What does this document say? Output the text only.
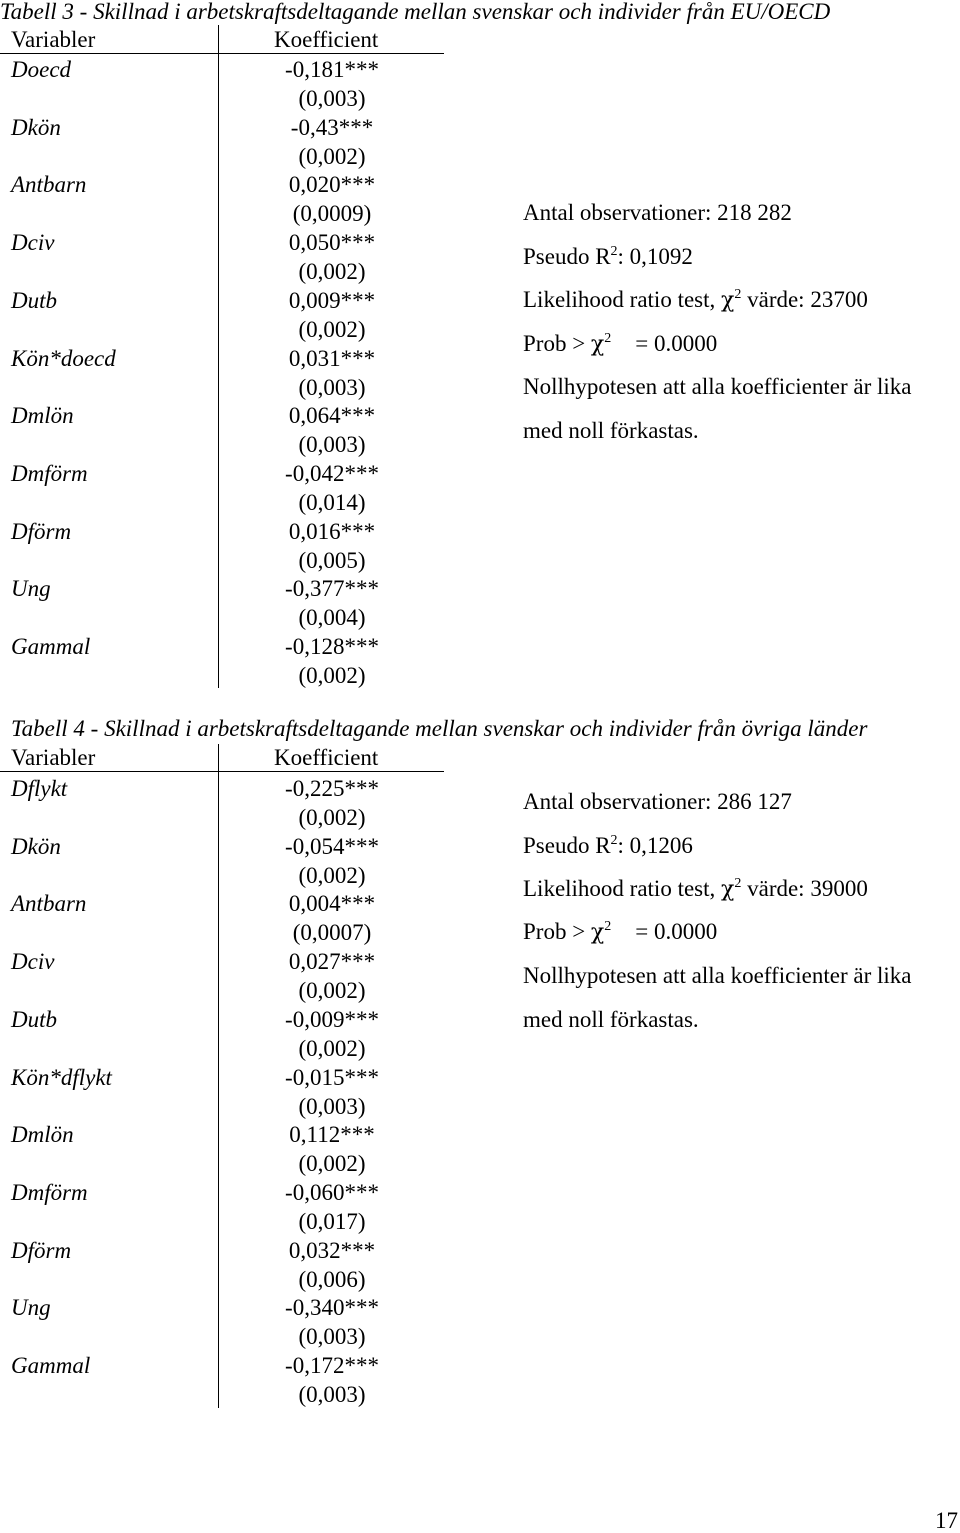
Tabell 3 - Skillnad i arbetskraftsdeltagande mellan svenskar och individer från EU/OECD
Variabler	Koefficient
Doecd	-0,181***
(0,003)
Dkön	-0,43***
(0,002)
Antbarn	0,020***
(0,0009)
Dciv	0,050***
(0,002)
Dutb	0,009***
(0,002)
Kön*doecd	0,031***
(0,003)
Dmlön	0,064***
(0,003)
Dmförm	-0,042***
(0,014)
Dförm	0,016***
(0,005)
Ung	-0,377***
(0,004)
Gammal	-0,128***
(0,002)
Antal observationer: 218 282
Pseudo $R^2$: 0,1092
Likelihood ratio test, $\chi^2$ värde: 23700
Prob > $\chi^2 = 0.0000$
Nollhypotesen att alla koefficienter är lika
med noll förkastas.
Tabell 4 - Skillnad i arbetskraftsdeltagande mellan svenskar och individer från övriga länder
Variabler	Koefficient
Dflykt	-0,225***
(0,002)
Dkön	-0,054***
(0,002)
Antbarn	0,004***
(0,0007)
Dciv	0,027***
(0,002)
Dutb	-0,009***
(0,002)
Kön*dflykt	-0,015***
(0,003)
Dmlön	0,112***
(0,002)
Dmförm	-0,060***
(0,017)
Dförm	0,032***
(0,006)
Ung	-0,340***
(0,003)
Gammal	-0,172***
(0,003)
Antal observationer: 286 127
Pseudo $R^2$: 0,1206
Likelihood ratio test, $\chi^2$ värde: 39000
Prob > $\chi^2 = 0.0000$
Nollhypotesen att alla koefficienter är lika
med noll förkastas.
17
